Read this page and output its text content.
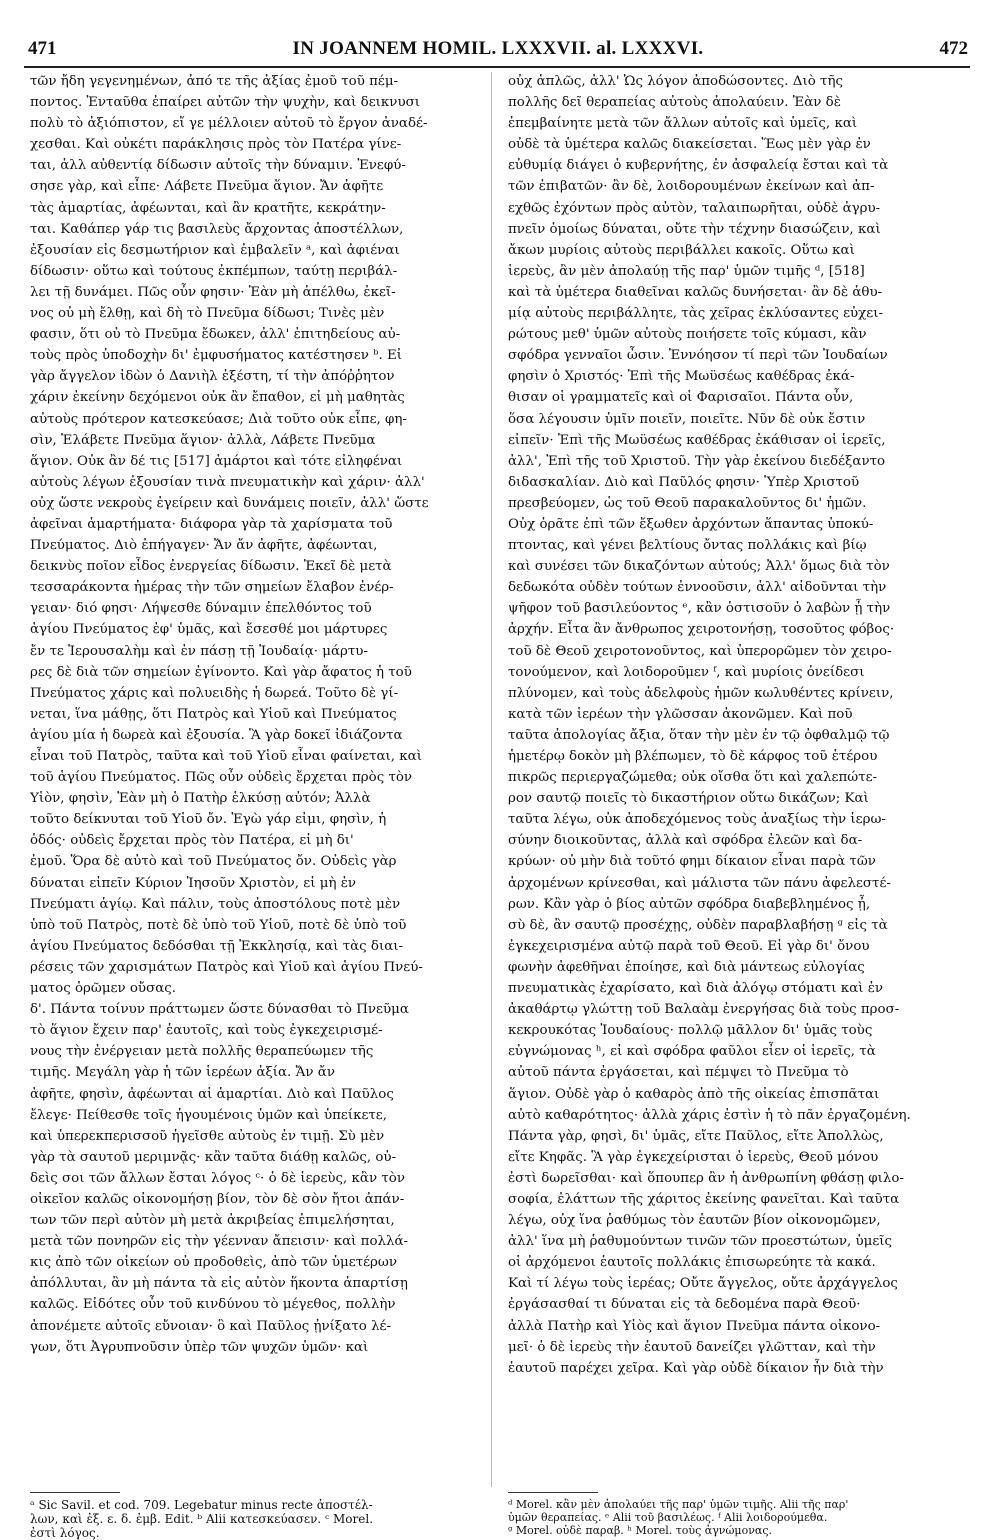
471	IN JOANNEM HOMIL. LXXXVII. al. LXXXVI.	472
τῶν ἤδη γεγενημένων, ἀπό τε τῆς ἀξίας ἐμοῦ τοῦ πέμ-
ποντος. Ἐνταῦθα ἐπαίρει αὐτῶν τὴν ψυχὴν, καὶ δεικνυσι
πολὺ τὸ ἀξιόπιστον, εἴ γε μέλλοιεν αὐτοῦ τὸ ἔργον ἀναδέ-
χεσθαι. Καὶ οὐκέτι παράκλησις πρὸς τὸν Πατέρα γίνε-
ται, ἀλλ αὐθεντίᾳ δίδωσιν αὐτοῖς τὴν δύναμιν. Ἐνεφύ-
σησε γὰρ, καὶ εἶπε· Λάβετε Πνεῦμα ἅγιον. Ἄν ἀφῆτε
τὰς ἁμαρτίας, ἀφέωνται, καὶ ἂν κρατῆτε, κεκράτην-
ται. Καθάπερ γάρ τις βασιλεὺς ἄρχοντας ἀποστέλλων,
ἐξουσίαν εἰς δεσμωτήριον καὶ ἐμβαλεῖν ᵃ, καὶ ἀφιέναι
δίδωσιν· οὕτω καὶ τούτους ἐκπέμπων, ταύτῃ περιβάλ-
λει τῇ δυνάμει. Πῶς οὖν φησιν· Ἐὰν μὴ ἀπέλθω, ἐκεῖ-
νος οὐ μὴ ἔλθῃ, καὶ δὴ τὸ Πνεῦμα δίδωσι; Τινὲς μὲν
φασιν, ὅτι οὐ τὸ Πνεῦμα ἔδωκεν, ἀλλ' ἐπιτηδείους αὐ-
τοὺς πρὸς ὑποδοχὴν δι' ἐμφυσήματος κατέστησεν ᵇ. Εἰ
γὰρ ἄγγελον ἰδὼν ὁ Δανιὴλ ἐξέστη, τί τὴν ἀπόῤῥητον
χάριν ἐκείνην δεχόμενοι οὐκ ἂν ἔπαθον, εἰ μὴ μαθητὰς
αὐτοὺς πρότερον κατεσκεύασε; Διὰ τοῦτο οὐκ εἶπε, φη-
σὶν, Ἐλάβετε Πνεῦμα ἅγιον· ἀλλὰ, Λάβετε Πνεῦμα
ἅγιον. Οὐκ ἂν δέ τις [517] ἁμάρτοι καὶ τότε εἰληφέναι
αὐτοὺς λέγων ἐξουσίαν τινὰ πνευματικὴν καὶ χάριν· ἀλλ'
οὐχ ὥστε νεκροὺς ἐγείρειν καὶ δυνάμεις ποιεῖν, ἀλλ' ὥστε
ἀφεῖναι ἁμαρτήματα· διάφορα γὰρ τὰ χαρίσματα τοῦ
Πνεύματος. Διὸ ἐπήγαγεν· Ἄν ἄν ἀφῆτε, ἀφέωνται,
δεικνὺς ποῖον εἶδος ἐνεργείας δίδωσιν. Ἐκεῖ δὲ μετὰ
τεσσαράκοντα ἡμέρας τὴν τῶν σημείων ἔλαβον ἐνέρ-
γειαν· διό φησι· Λήψεσθε δύναμιν ἐπελθόντος τοῦ
ἁγίου Πνεύματος ἐφ' ὑμᾶς, καὶ ἔσεσθέ μοι μάρτυρες
ἔν τε Ἱερουσαλὴμ καὶ ἐν πάσῃ τῇ Ἰουδαίᾳ· μάρτυ-
ρες δὲ διὰ τῶν σημείων ἐγίνοντο. Καὶ γὰρ ἄφατος ἡ τοῦ
Πνεύματος χάρις καὶ πολυειδὴς ἡ δωρεά. Τοῦτο δὲ γί-
νεται, ἵνα μάθῃς, ὅτι Πατρὸς καὶ Υἱοῦ καὶ Πνεύματος
ἁγίου μία ἡ δωρεὰ καὶ ἐξουσία. Ἃ γὰρ δοκεῖ ἰδιάζοντα
εἶναι τοῦ Πατρὸς, ταῦτα καὶ τοῦ Υἱοῦ εἶναι φαίνεται, καὶ
τοῦ ἁγίου Πνεύματος. Πῶς οὖν οὐδεὶς ἔρχεται πρὸς τὸν
Υἱὸν, φησὶν, Ἐὰν μὴ ὁ Πατὴρ ἑλκύσῃ αὐτόν; Ἀλλὰ
τοῦτο δείκνυται τοῦ Υἱοῦ ὄν. Ἐγὼ γάρ εἰμι, φησὶν, ἡ
ὁδός· οὐδεὶς ἔρχεται πρὸς τὸν Πατέρα, εἰ μὴ δι'
ἐμοῦ. Ὅρα δὲ αὐτὸ καὶ τοῦ Πνεύματος ὄν. Οὐδεὶς γὰρ
δύναται εἰπεῖν Κύριον Ἰησοῦν Χριστὸν, εἰ μὴ ἐν
Πνεύματι ἁγίῳ. Καὶ πάλιν, τοὺς ἀποστόλους ποτὲ μὲν
ὑπὸ τοῦ Πατρὸς, ποτὲ δὲ ὑπὸ τοῦ Υἱοῦ, ποτὲ δὲ ὑπὸ τοῦ
ἁγίου Πνεύματος δεδόσθαι τῇ Ἐκκλησίᾳ, καὶ τὰς διαι-
ρέσεις τῶν χαρισμάτων Πατρὸς καὶ Υἱοῦ καὶ ἁγίου Πνεύ-
ματος ὁρῶμεν οὔσας.
δ'. Πάντα τοίνυν πράττωμεν ὥστε δύνασθαι τὸ Πνεῦμα
τὸ ἅγιον ἔχειν παρ' ἑαυτοῖς, καὶ τοὺς ἐγκεχειρισμέ-
νους τὴν ἐνέργειαν μετὰ πολλῆς θεραπεύωμεν τῆς
τιμῆς. Μεγάλη γὰρ ἡ τῶν ἱερέων ἀξία. Ἄν ἄν
ἀφῆτε, φησὶν, ἀφέωνται αἱ ἁμαρτίαι. Διὸ καὶ Παῦλος
ἔλεγε· Πείθεσθε τοῖς ἡγουμένοις ὑμῶν καὶ ὑπείκετε,
καὶ ὑπερεκπερισσοῦ ἡγεῖσθε αὐτοὺς ἐν τιμῇ. Σὺ μὲν
γὰρ τὰ σαυτοῦ μεριμνᾷς· κἂν ταῦτα διάθῃ καλῶς, οὐ-
δεὶς σοι τῶν ἄλλων ἔσται λόγος ᶜ· ὁ δὲ ἱερεὺς, κἂν τὸν
οἰκεῖον καλῶς οἰκονομήσῃ βίον, τὸν δὲ σὸν ἤτοι ἀπάν-
των τῶν περὶ αὐτὸν μὴ μετὰ ἀκριβείας ἐπιμελήσηται,
μετὰ τῶν πονηρῶν εἰς τὴν γέενναν ἄπεισιν· καὶ πολλά-
κις ἀπὸ τῶν οἰκείων οὐ προδοθεὶς, ἀπὸ τῶν ὑμετέρων
ἀπόλλυται, ἂν μὴ πάντα τὰ εἰς αὐτὸν ἥκοντα ἀπαρτίσῃ
καλῶς. Εἰδότες οὖν τοῦ κινδύνου τὸ μέγεθος, πολλὴν
ἀπονέμετε αὐτοῖς εὔνοιαν· ὃ καὶ Παῦλος ᾐνίξατο λέ-
γων, ὅτι Ἀγρυπνοῦσιν ὑπὲρ τῶν ψυχῶν ὑμῶν· καὶ
οὐχ ἁπλῶς, ἀλλ' Ὡς λόγον ἀποδώσοντες. Διὸ τῆς
πολλῆς δεῖ θεραπείας αὐτοὺς ἀπολαύειν. Ἐὰν δὲ
ἐπεμβαίνητε μετὰ τῶν ἄλλων αὐτοῖς καὶ ὑμεῖς, καὶ
οὐδὲ τὰ ὑμέτερα καλῶς διακείσεται. Ἕως μὲν γὰρ ἐν
εὐθυμίᾳ διάγει ὁ κυβερνήτης, ἐν ἀσφαλείᾳ ἔσται καὶ τὰ
τῶν ἐπιβατῶν· ἂν δὲ, λοιδορουμένων ἐκείνων καὶ ἀπ-
εχθῶς ἐχόντων πρὸς αὐτὸν, ταλαιπωρῆται, οὐδὲ ἀγρυ-
πνεῖν ὁμοίως δύναται, οὔτε τὴν τέχνην διασώζειν, καὶ
ἄκων μυρίοις αὐτοὺς περιβάλλει κακοῖς. Οὕτω καὶ
ἱερεὺς, ἂν μὲν ἀπολαύῃ τῆς παρ' ὑμῶν τιμῆς ᵈ, [518]
καὶ τὰ ὑμέτερα διαθεῖναι καλῶς δυνήσεται· ἂν δὲ ἀθυ-
μίᾳ αὐτοὺς περιβάλλητε, τὰς χεῖρας ἐκλύσαντες εὐχει-
ρώτους μεθ' ὑμῶν αὐτοὺς ποιήσετε τοῖς κύμασι, κἂν
σφόδρα γενναῖοι ὦσιν. Ἐννόησον τί περὶ τῶν Ἰουδαίων
φησὶν ὁ Χριστός· Ἐπὶ τῆς Μωϋσέως καθέδρας ἐκά-
θισαν οἱ γραμματεῖς καὶ οἱ Φαρισαῖοι. Πάντα οὖν,
ὅσα λέγουσιν ὑμῖν ποιεῖν, ποιεῖτε. Νῦν δὲ οὐκ ἔστιν
εἰπεῖν· Ἐπὶ τῆς Μωϋσέως καθέδρας ἐκάθισαν οἱ ἱερεῖς,
ἀλλ', Ἐπὶ τῆς τοῦ Χριστοῦ. Τὴν γὰρ ἐκείνου διεδέξαντο
διδασκαλίαν. Διὸ καὶ Παῦλός φησιν· Ὑπὲρ Χριστοῦ
πρεσβεύομεν, ὡς τοῦ Θεοῦ παρακαλοῦντος δι' ἡμῶν.
Οὐχ ὁρᾶτε ἐπὶ τῶν ἔξωθεν ἀρχόντων ἅπαντας ὑποκύ-
πτοντας, καὶ γένει βελτίους ὄντας πολλάκις καὶ βίῳ
καὶ συνέσει τῶν δικαζόντων αὐτούς; Ἀλλ' ὅμως διὰ τὸν
δεδωκότα οὐδὲν τούτων ἐννοοῦσιν, ἀλλ' αἰδοῦνται τὴν
ψῆφον τοῦ βασιλεύοντος ᵉ, κἂν ὁστισοῦν ὁ λαβὼν ᾖ τὴν
ἀρχήν. Εἶτα ἂν ἄνθρωπος χειροτονήσῃ, τοσοῦτος φόβος·
τοῦ δὲ Θεοῦ χειροτονοῦντος, καὶ ὑπερορῶμεν τὸν χειρο-
τονούμενον, καὶ λοιδοροῦμεν ᶠ, καὶ μυρίοις ὀνείδεσι
πλύνομεν, καὶ τοὺς ἀδελφοὺς ἡμῶν κωλυθέντες κρίνειν,
κατὰ τῶν ἱερέων τὴν γλῶσσαν ἀκονῶμεν. Καὶ ποῦ
ταῦτα ἀπολογίας ἄξια, ὅταν τὴν μὲν ἐν τῷ ὀφθαλμῷ τῷ
ἡμετέρῳ δοκὸν μὴ βλέπωμεν, τὸ δὲ κάρφος τοῦ ἑτέρου
πικρῶς περιεργαζώμεθα; οὐκ οἴσθα ὅτι καὶ χαλεπώτε-
ρον σαυτῷ ποιεῖς τὸ δικαστήριον οὕτω δικάζων; Καὶ
ταῦτα λέγω, οὐκ ἀποδεχόμενος τοὺς ἀναξίως τὴν ἱερω-
σύνην διοικοῦντας, ἀλλὰ καὶ σφόδρα ἐλεῶν καὶ δα-
κρύων· οὐ μὴν διὰ τοῦτό φημι δίκαιον εἶναι παρὰ τῶν
ἀρχομένων κρίνεσθαι, καὶ μάλιστα τῶν πάνυ ἀφελεστέ-
ρων. Κἂν γὰρ ὁ βίος αὐτῶν σφόδρα διαβεβλημένος ᾖ,
σὺ δὲ, ἂν σαυτῷ προσέχῃς, οὐδὲν παραβλαβήσῃ ᵍ εἰς τὰ
ἐγκεχειρισμένα αὐτῷ παρὰ τοῦ Θεοῦ. Εἰ γὰρ δι' ὄνου
φωνὴν ἀφεθῆναι ἐποίησε, καὶ διὰ μάντεως εὐλογίας
πνευματικὰς ἐχαρίσατο, καὶ διὰ ἀλόγῳ στόματι καὶ ἐν
ἀκαθάρτῳ γλώττῃ τοῦ Βαλαὰμ ἐνεργήσας διὰ τοὺς προσ-
κεκρουκότας Ἰουδαίους· πολλῷ μᾶλλον δι' ὑμᾶς τοὺς
εὐγνώμονας ʰ, εἰ καὶ σφόδρα φαῦλοι εἶεν οἱ ἱερεῖς, τὰ
αὐτοῦ πάντα ἐργάσεται, καὶ πέμψει τὸ Πνεῦμα τὸ
ἅγιον. Οὐδὲ γὰρ ὁ καθαρὸς ἀπὸ τῆς οἰκείας ἐπισπᾶται
αὐτὸ καθαρότητος· ἀλλὰ χάρις ἐστὶν ἡ τὸ πᾶν ἐργαζομένη.
Πάντα γὰρ, φησὶ, δι' ὑμᾶς, εἴτε Παῦλος, εἴτε Ἀπολλὼς,
εἴτε Κηφᾶς. Ἃ γὰρ ἐγκεχείρισται ὁ ἱερεὺς, Θεοῦ μόνου
ἐστὶ δωρεῖσθαι· καὶ ὅπουπερ ἂν ἡ ἀνθρωπίνη φθάσῃ φιλο-
σοφία, ἐλάττων τῆς χάριτος ἐκείνης φανεῖται. Καὶ ταῦτα
λέγω, οὐχ ἵνα ῥαθύμως τὸν ἑαυτῶν βίον οἰκονομῶμεν,
ἀλλ' ἵνα μὴ ῥαθυμούντων τινῶν τῶν προεστώτων, ὑμεῖς
οἱ ἀρχόμενοι ἑαυτοῖς πολλάκις ἐπισωρεύητε τὰ κακά.
Καὶ τί λέγω τοὺς ἱερέας; Οὔτε ἄγγελος, οὔτε ἀρχάγγελος
ἐργάσασθαί τι δύναται εἰς τὰ δεδομένα παρὰ Θεοῦ·
ἀλλὰ Πατὴρ καὶ Υἱὸς καὶ ἅγιον Πνεῦμα πάντα οἰκονο-
μεῖ· ὁ δὲ ἱερεὺς τὴν ἑαυτοῦ δανείζει γλῶτταν, καὶ τὴν
ἑαυτοῦ παρέχει χεῖρα. Καὶ γὰρ οὐδὲ δίκαιον ἦν διὰ τὴν
ᵃ Sic Savil. et cod. 709. Legebatur minus recte ἀποστέλ-
λων, καὶ ἐξ. ε. δ. ἐμβ. Edit. ᵇ Alii κατεσκεύασεν. ᶜ Morel.
ἐστὶ λόγος.
ᵈ Morel. κἂν μὲν ἀπολαύει τῆς παρ' ὑμῶν τιμῆς. Alii τῆς παρ'
ὑμῶν θεραπείας. ᵉ Alii τοῦ βασιλέως. ᶠ Alii λοιδορούμεθα.
ᵍ Morel. οὐδὲ παραβ. ʰ Morel. τοὺς ἀγνώμονας.
